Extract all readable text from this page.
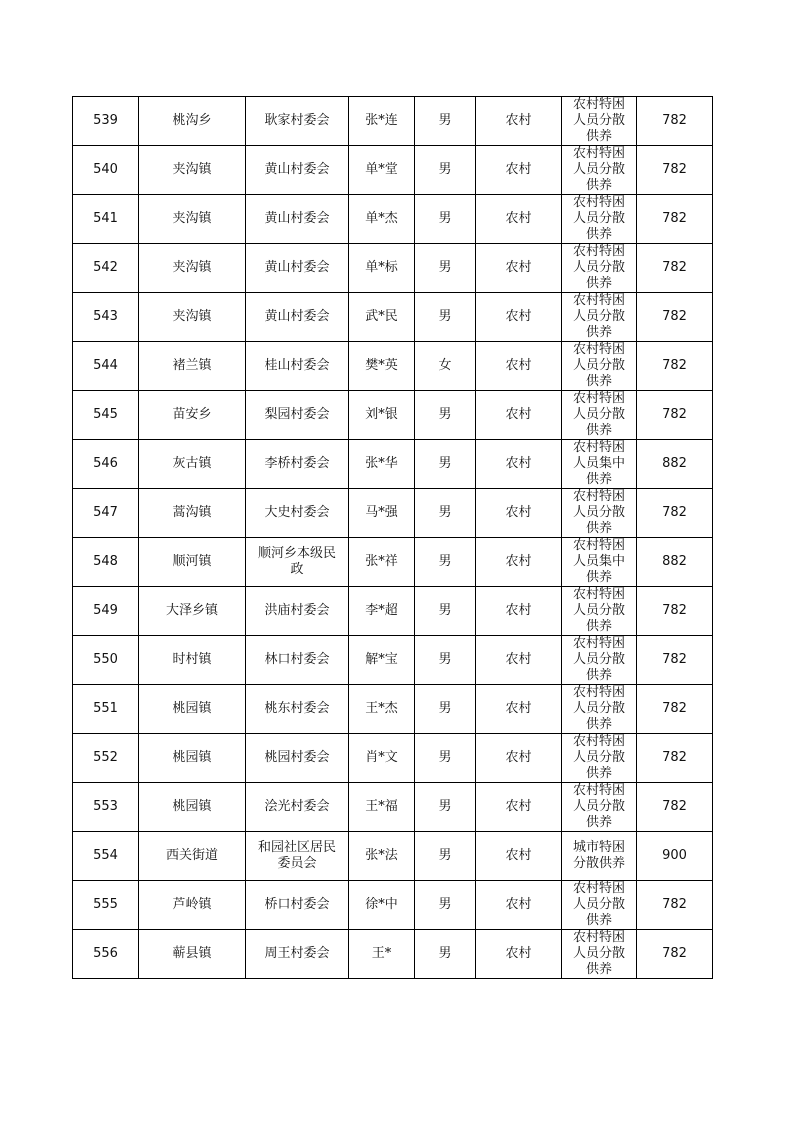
539	桃沟乡	耿家村委会	张*连	男	农村	农村特困人员分散供养	782
540	夹沟镇	黄山村委会	单*堂	男	农村	农村特困人员分散供养	782
541	夹沟镇	黄山村委会	单*杰	男	农村	农村特困人员分散供养	782
542	夹沟镇	黄山村委会	单*标	男	农村	农村特困人员分散供养	782
543	夹沟镇	黄山村委会	武*民	男	农村	农村特困人员分散供养	782
544	褚兰镇	桂山村委会	樊*英	女	农村	农村特困人员分散供养	782
545	苗安乡	梨园村委会	刘*银	男	农村	农村特困人员分散供养	782
546	灰古镇	李桥村委会	张*华	男	农村	农村特困人员集中供养	882
547	蒿沟镇	大史村委会	马*强	男	农村	农村特困人员分散供养	782
548	顺河镇	顺河乡本级民政	张*祥	男	农村	农村特困人员集中供养	882
549	大泽乡镇	洪庙村委会	李*超	男	农村	农村特困人员分散供养	782
550	时村镇	林口村委会	解*宝	男	农村	农村特困人员分散供养	782
551	桃园镇	桃东村委会	王*杰	男	农村	农村特困人员分散供养	782
552	桃园镇	桃园村委会	肖*文	男	农村	农村特困人员分散供养	782
553	桃园镇	浍光村委会	王*福	男	农村	农村特困人员分散供养	782
554	西关街道	和园社区居民委员会	张*法	男	农村	城市特困分散供养	900
555	芦岭镇	桥口村委会	徐*中	男	农村	农村特困人员分散供养	782
556	蕲县镇	周王村委会	王*	男	农村	农村特困人员分散供养	782
